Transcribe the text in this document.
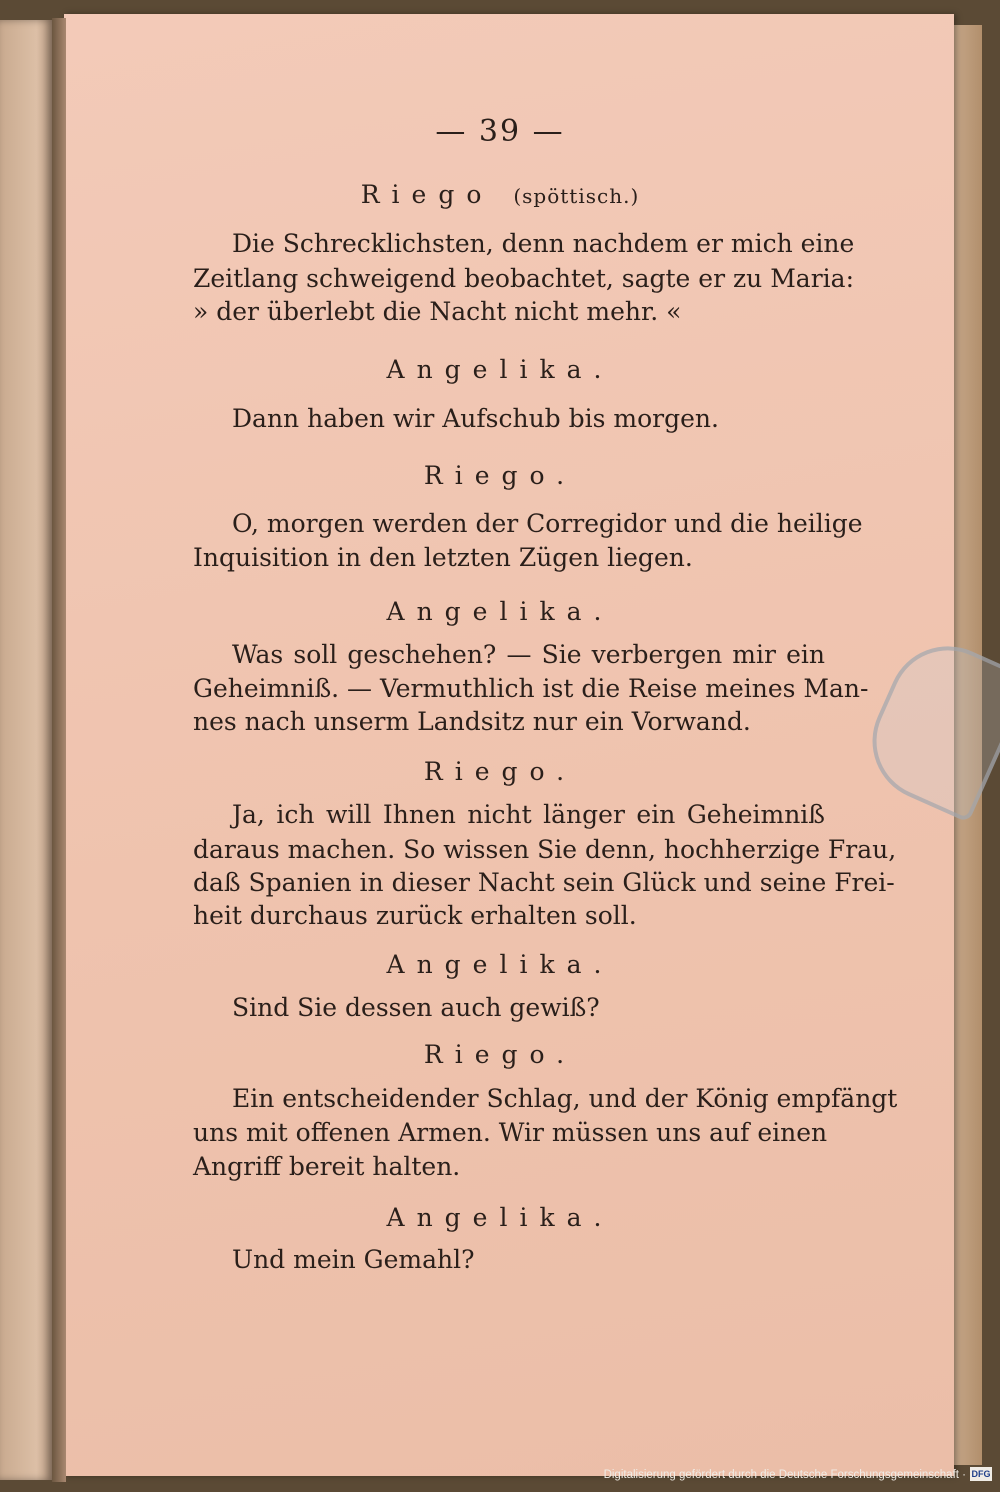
— 39 —
Riego (spöttisch.)
Die Schrecklichsten, denn nachdem er mich eine
Zeitlang schweigend beobachtet, sagte er zu Maria:
» der überlebt die Nacht nicht mehr. «
Angelika.
Dann haben wir Aufschub bis morgen.
Riego.
O, morgen werden der Corregidor und die heilige
Inquisition in den letzten Zügen liegen.
Angelika.
Was soll geschehen? — Sie verbergen mir ein
Geheimniß. — Vermuthlich ist die Reise meines Man-
nes nach unserm Landsitz nur ein Vorwand.
Riego.
Ja, ich will Ihnen nicht länger ein Geheimniß
daraus machen. So wissen Sie denn, hochherzige Frau,
daß Spanien in dieser Nacht sein Glück und seine Frei-
heit durchaus zurück erhalten soll.
Angelika.
Sind Sie dessen auch gewiß?
Riego.
Ein entscheidender Schlag, und der König empfängt
uns mit offenen Armen. Wir müssen uns auf einen
Angriff bereit halten.
Angelika.
Und mein Gemahl?
Digitalisierung gefördert durch die Deutsche Forschungsgemeinschaft · DFG
